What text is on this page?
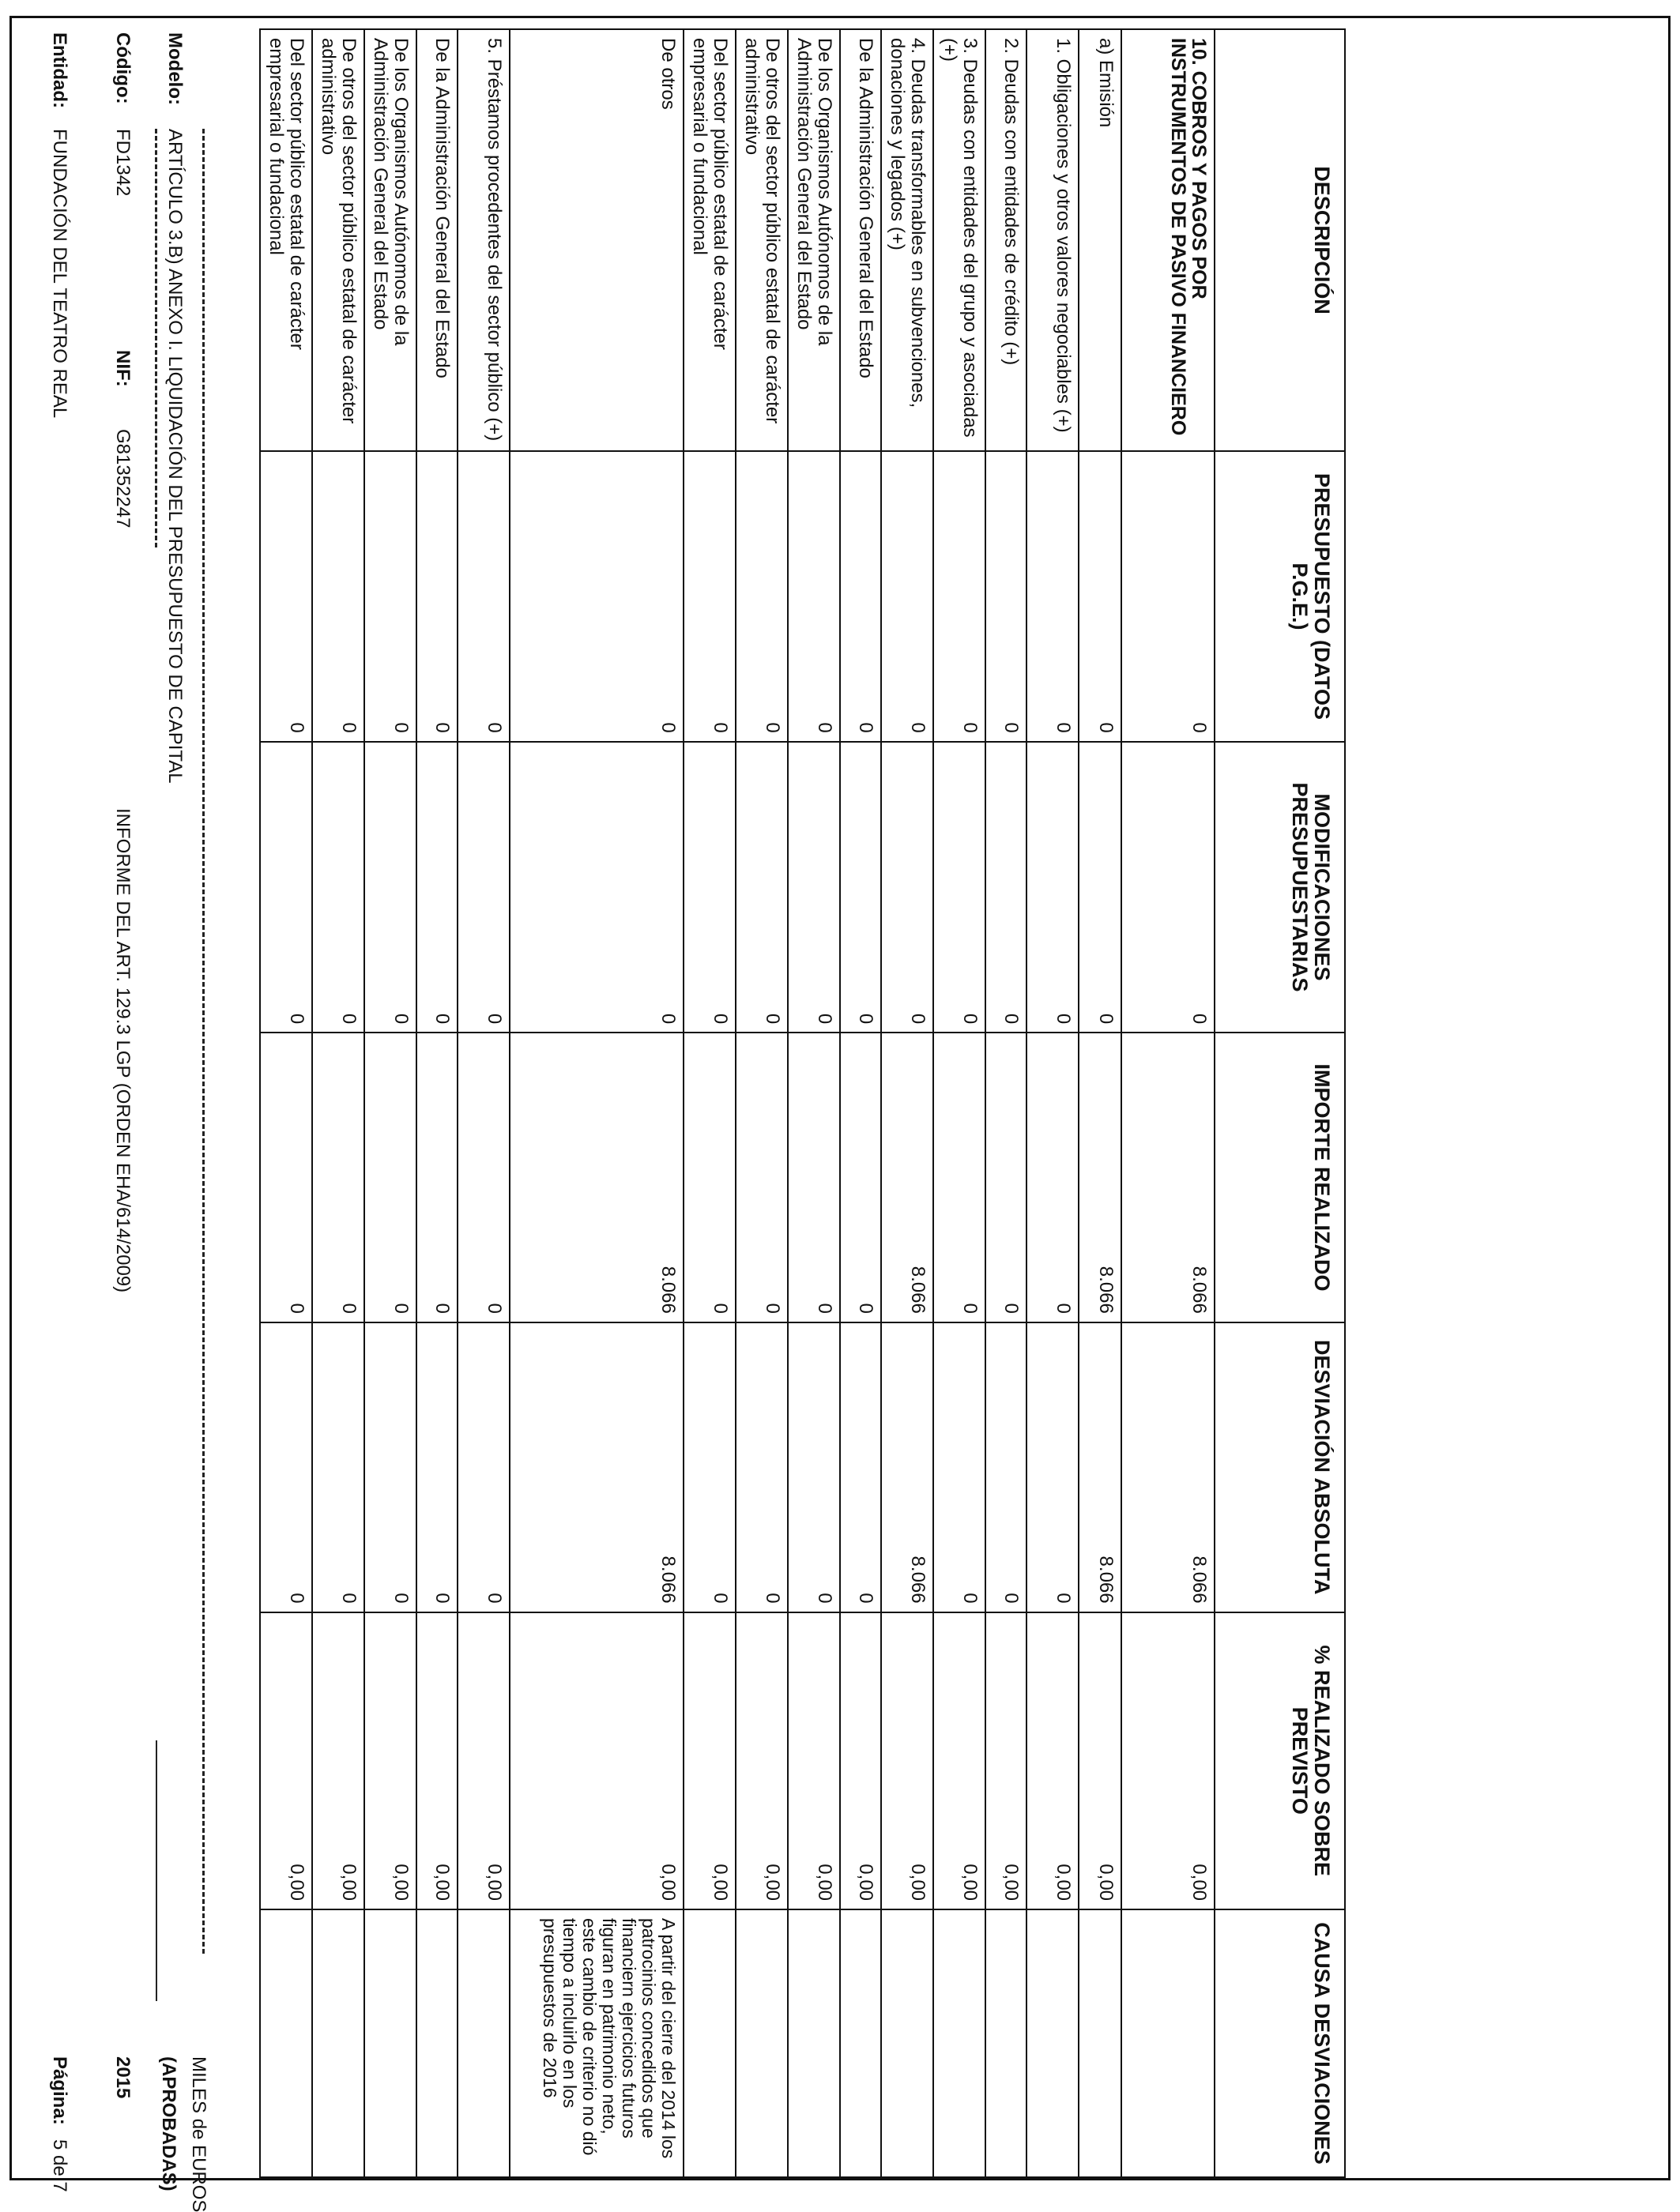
Entidad:
FUNDACIÓN DEL TEATRO REAL
Página:
5 de 7
Código:
FD1342
NIF:
G81352247
INFORME DEL ART. 129.3 LGP (ORDEN EHA/614/2009)
2015
Modelo:
ARTÍCULO 3.B) ANEXO I. LIQUIDACIÓN DEL PRESUPUESTO DE CAPITAL
(APROBADAS) MILES de EUROS
DESCRIPCIÓN	PRESUPUESTO (DATOS P.G.E.)	MODIFICACIONES PRESUPUESTARIAS	IMPORTE REALIZADO	DESVIACIÓN ABSOLUTA	% REALIZADO SOBRE PREVISTO	CAUSA DESVIACIONES
10. COBROS Y PAGOS POR INSTRUMENTOS DE PASIVO FINANCIERO	0	0	8.066	8.066	0,00	
a) Emisión	0	0	8.066	8.066	0,00	
1. Obligaciones y otros valores negociables (+)	0	0	0	0	0,00	
2. Deudas con entidades de crédito (+)	0	0	0	0	0,00	
3. Deudas con entidades del grupo y asociadas (+)	0	0	0	0	0,00	
4. Deudas transformables en subvenciones, donaciones y legados (+)	0	0	8.066	8.066	0,00	
De la Administración General del Estado	0	0	0	0	0,00	
De los Organismos Autónomos de la Administración General del Estado	0	0	0	0	0,00	
De otros del sector público estatal de carácter administrativo	0	0	0	0	0,00	
Del sector público estatal de carácter empresarial o fundacional	0	0	0	0	0,00	
De otros	0	0	8.066	8.066	0,00	A partir del cierre del 2014 los patrocinios concedidos que financiern ejercicios futuros figuran en patrimonio neto, este cambio de criterio no dió tiempo a incluirlo en los presupuestos de 2016
5. Préstamos procedentes del sector público (+)	0	0	0	0	0,00	
De la Administración General del Estado	0	0	0	0	0,00	
De los Organismos Autónomos de la Administración General del Estado	0	0	0	0	0,00	
De otros del sector público estatal de carácter administrativo	0	0	0	0	0,00	
Del sector público estatal de carácter empresarial o fundacional	0	0	0	0	0,00	
